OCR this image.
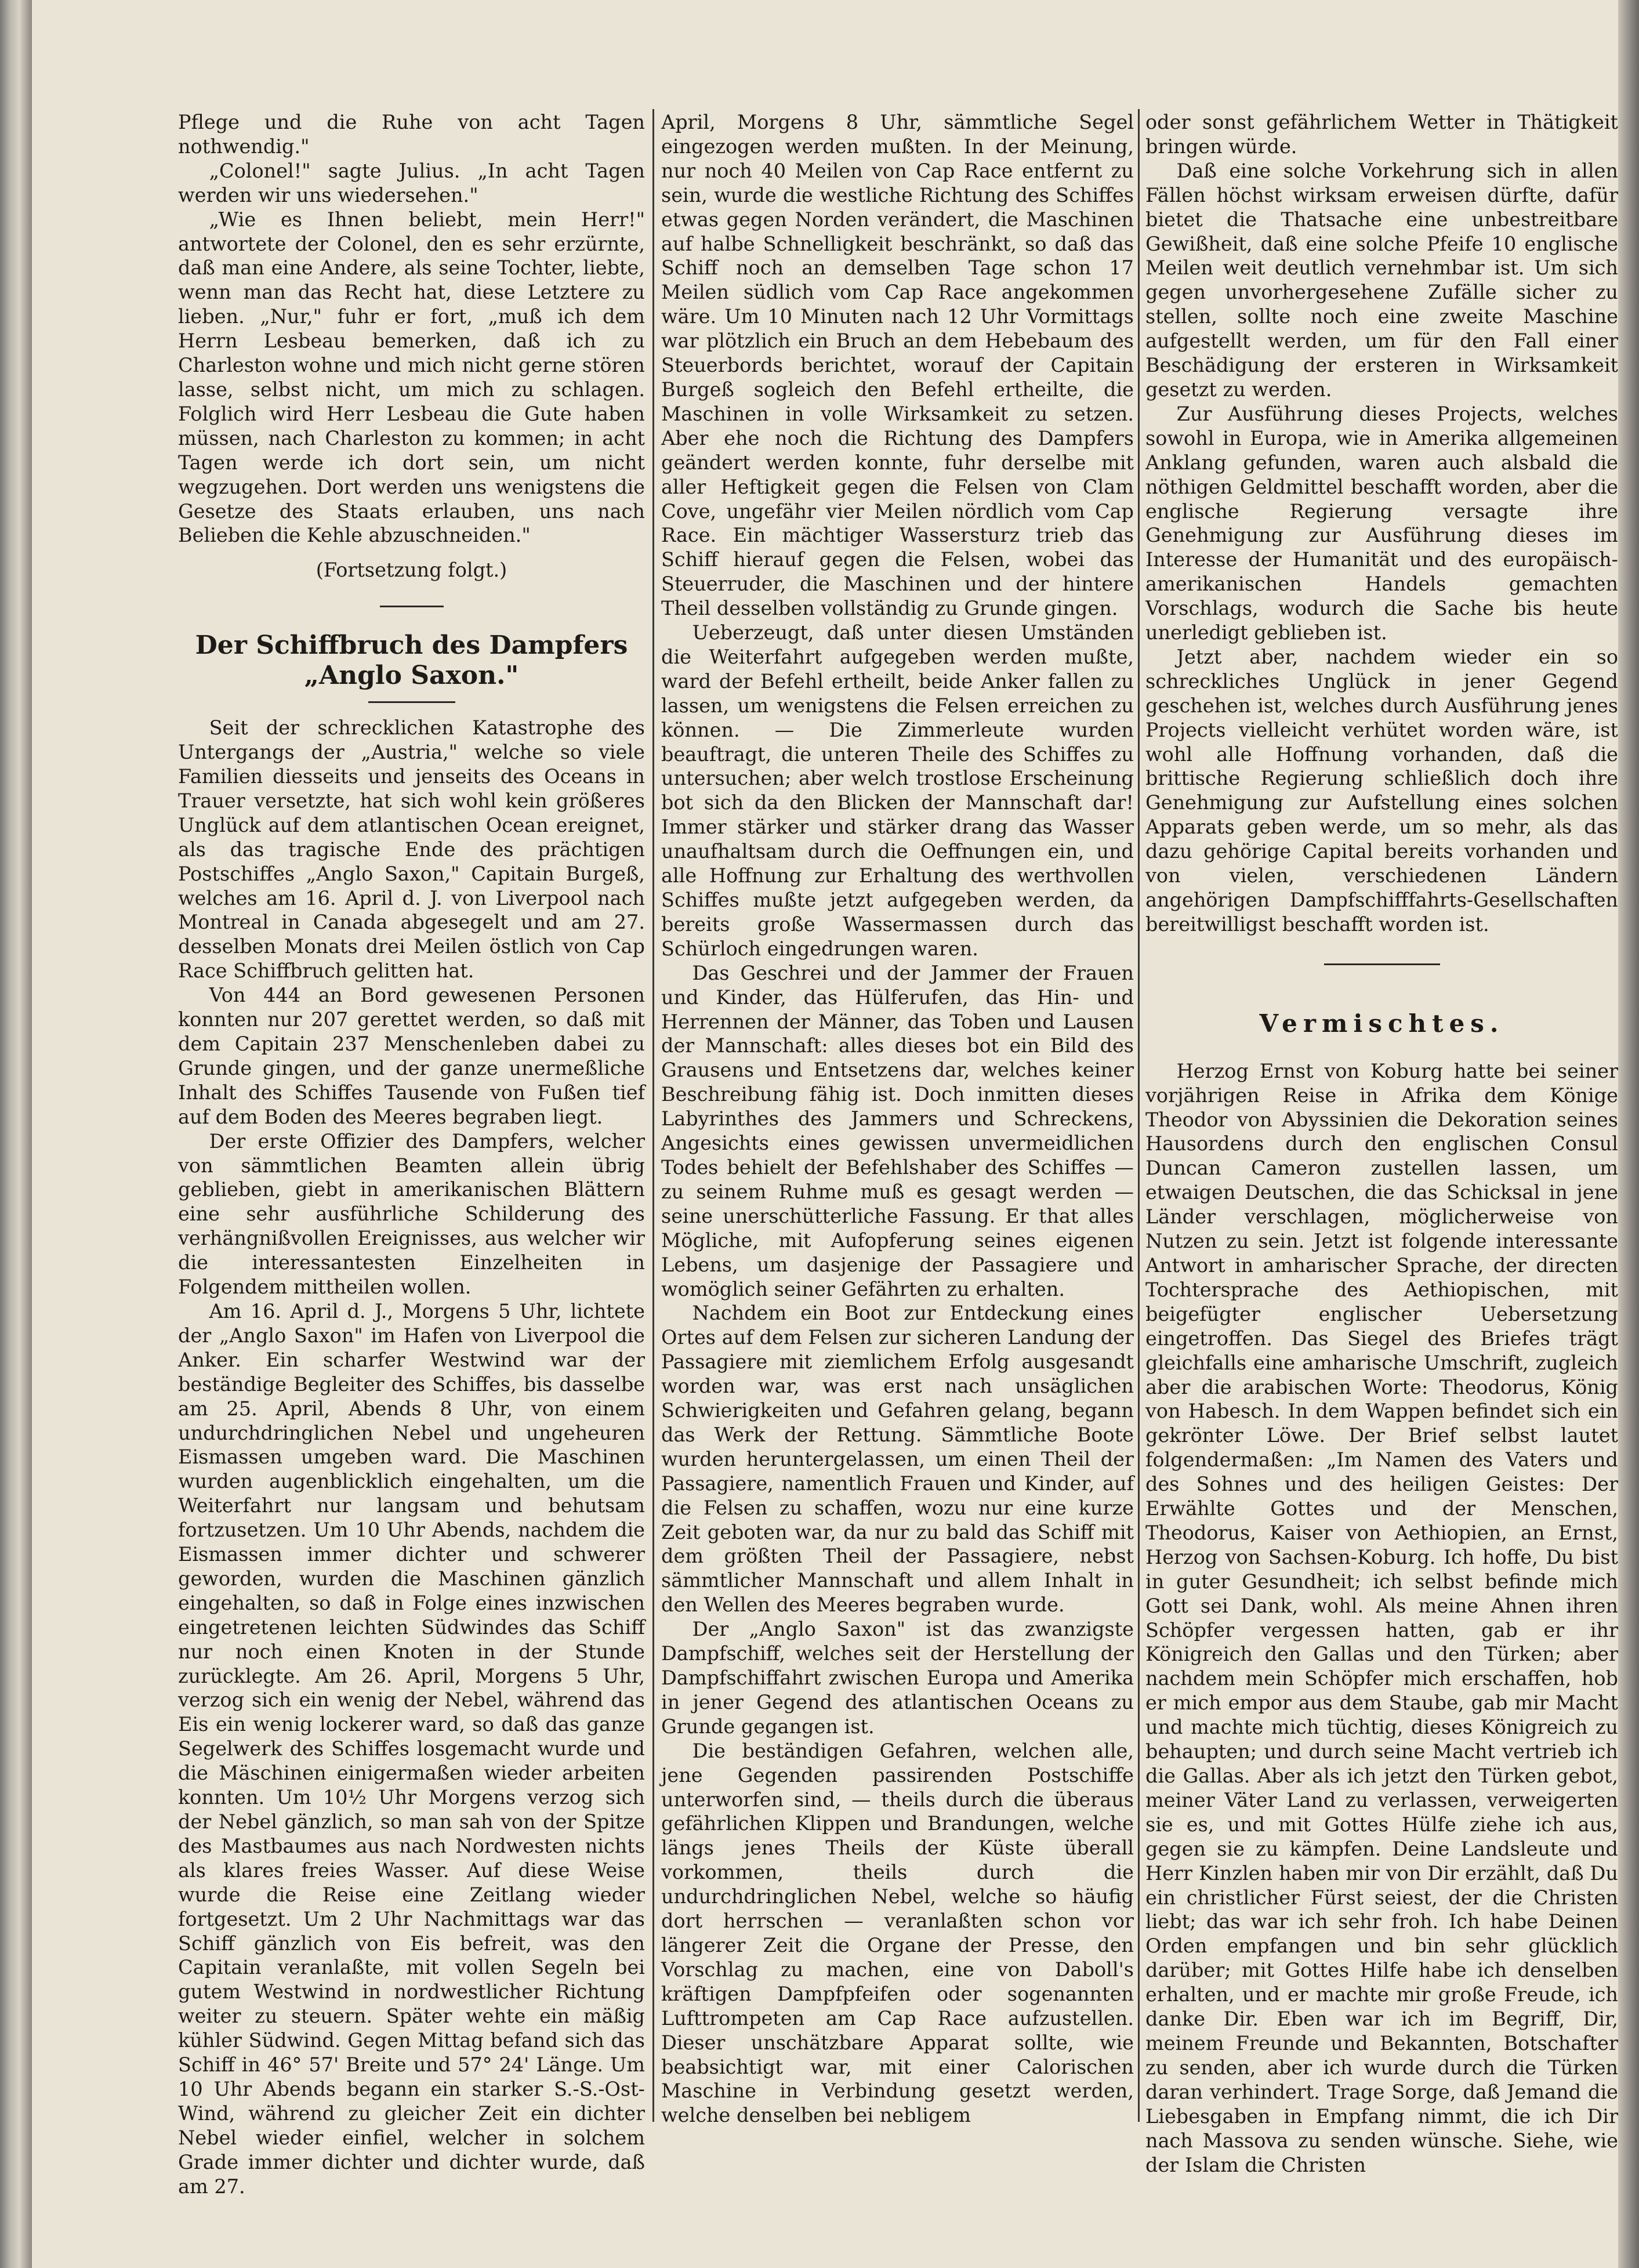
Pflege und die Ruhe von acht Tagen nothwendig."

„Colonel!" sagte Julius. „In acht Tagen werden wir uns wiedersehen."

„Wie es Ihnen beliebt, mein Herr!" antwortete der Colonel, den es sehr erzürnte, daß man eine Andere, als seine Tochter, liebte, wenn man das Recht hat, diese Letztere zu lieben. „Nur," fuhr er fort, „muß ich dem Herrn Lesbeau bemerken, daß ich zu Charleston wohne und mich nicht gerne stören lasse, selbst nicht, um mich zu schlagen. Folglich wird Herr Lesbeau die Gute haben müssen, nach Charleston zu kommen; in acht Tagen werde ich dort sein, um nicht wegzugehen. Dort werden uns wenigstens die Gesetze des Staats erlauben, uns nach Belieben die Kehle abzuschneiden."

(Fortsetzung folgt.)

Der Schiffbruch des Dampfers
„Anglo Saxon."

Seit der schrecklichen Katastrophe des Untergangs der „Austria," welche so viele Familien diesseits und jenseits des Oceans in Trauer versetzte, hat sich wohl kein größeres Unglück auf dem atlantischen Ocean ereignet, als das tragische Ende des prächtigen Postschiffes „Anglo Saxon," Capitain Burgeß, welches am 16. April d. J. von Liverpool nach Montreal in Canada abgesegelt und am 27. desselben Monats drei Meilen östlich von Cap Race Schiffbruch gelitten hat.

Von 444 an Bord gewesenen Personen konnten nur 207 gerettet werden, so daß mit dem Capitain 237 Menschenleben dabei zu Grunde gingen, und der ganze unermeßliche Inhalt des Schiffes Tausende von Fußen tief auf dem Boden des Meeres begraben liegt.

Der erste Offizier des Dampfers, welcher von sämmtlichen Beamten allein übrig geblieben, giebt in amerikanischen Blättern eine sehr ausführliche Schilderung des verhängnißvollen Ereignisses, aus welcher wir die interessantesten Einzelheiten in Folgendem mittheilen wollen.

Am 16. April d. J., Morgens 5 Uhr, lichtete der „Anglo Saxon" im Hafen von Liverpool die Anker. Ein scharfer Westwind war der beständige Begleiter des Schiffes, bis dasselbe am 25. April, Abends 8 Uhr, von einem undurchdringlichen Nebel und ungeheuren Eismassen umgeben ward. Die Maschinen wurden augenblicklich eingehalten, um die Weiterfahrt nur langsam und behutsam fortzusetzen. Um 10 Uhr Abends, nachdem die Eismassen immer dichter und schwerer geworden, wurden die Maschinen gänzlich eingehalten, so daß in Folge eines inzwischen eingetretenen leichten Südwindes das Schiff nur noch einen Knoten in der Stunde zurücklegte. Am 26. April, Morgens 5 Uhr, verzog sich ein wenig der Nebel, während das Eis ein wenig lockerer ward, so daß das ganze Segelwerk des Schiffes losgemacht wurde und die Mäschinen einigermaßen wieder arbeiten konnten. Um 10½ Uhr Morgens verzog sich der Nebel gänzlich, so man sah von der Spitze des Mastbaumes aus nach Nordwesten nichts als klares freies Wasser. Auf diese Weise wurde die Reise eine Zeitlang wieder fortgesetzt. Um 2 Uhr Nachmittags war das Schiff gänzlich von Eis befreit, was den Capitain veranlaßte, mit vollen Segeln bei gutem Westwind in nordwestlicher Richtung weiter zu steuern. Später wehte ein mäßig kühler Südwind. Gegen Mittag befand sich das Schiff in 46° 57' Breite und 57° 24' Länge. Um 10 Uhr Abends begann ein starker S.-S.-Ost-Wind, während zu gleicher Zeit ein dichter Nebel wieder einfiel, welcher in solchem Grade immer dichter und dichter wurde, daß am 27.

April, Morgens 8 Uhr, sämmtliche Segel eingezogen werden mußten. In der Meinung, nur noch 40 Meilen von Cap Race entfernt zu sein, wurde die westliche Richtung des Schiffes etwas gegen Norden verändert, die Maschinen auf halbe Schnelligkeit beschränkt, so daß das Schiff noch an demselben Tage schon 17 Meilen südlich vom Cap Race angekommen wäre. Um 10 Minuten nach 12 Uhr Vormittags war plötzlich ein Bruch an dem Hebebaum des Steuerbords berichtet, worauf der Capitain Burgeß sogleich den Befehl ertheilte, die Maschinen in volle Wirksamkeit zu setzen. Aber ehe noch die Richtung des Dampfers geändert werden konnte, fuhr derselbe mit aller Heftigkeit gegen die Felsen von Clam Cove, ungefähr vier Meilen nördlich vom Cap Race. Ein mächtiger Wassersturz trieb das Schiff hierauf gegen die Felsen, wobei das Steuerruder, die Maschinen und der hintere Theil desselben vollständig zu Grunde gingen.

Ueberzeugt, daß unter diesen Umständen die Weiterfahrt aufgegeben werden mußte, ward der Befehl ertheilt, beide Anker fallen zu lassen, um wenigstens die Felsen erreichen zu können. — Die Zimmerleute wurden beauftragt, die unteren Theile des Schiffes zu untersuchen; aber welch trostlose Erscheinung bot sich da den Blicken der Mannschaft dar! Immer stärker und stärker drang das Wasser unaufhaltsam durch die Oeffnungen ein, und alle Hoffnung zur Erhaltung des werthvollen Schiffes mußte jetzt aufgegeben werden, da bereits große Wassermassen durch das Schürloch eingedrungen waren.

Das Geschrei und der Jammer der Frauen und Kinder, das Hülferufen, das Hin- und Herrennen der Männer, das Toben und Lausen der Mannschaft: alles dieses bot ein Bild des Grausens und Entsetzens dar, welches keiner Beschreibung fähig ist. Doch inmitten dieses Labyrinthes des Jammers und Schreckens, Angesichts eines gewissen unvermeidlichen Todes behielt der Befehlshaber des Schiffes — zu seinem Ruhme muß es gesagt werden — seine unerschütterliche Fassung. Er that alles Mögliche, mit Aufopferung seines eigenen Lebens, um dasjenige der Passagiere und womöglich seiner Gefährten zu erhalten.

Nachdem ein Boot zur Entdeckung eines Ortes auf dem Felsen zur sicheren Landung der Passagiere mit ziemlichem Erfolg ausgesandt worden war, was erst nach unsäglichen Schwierigkeiten und Gefahren gelang, begann das Werk der Rettung. Sämmtliche Boote wurden heruntergelassen, um einen Theil der Passagiere, namentlich Frauen und Kinder, auf die Felsen zu schaffen, wozu nur eine kurze Zeit geboten war, da nur zu bald das Schiff mit dem größten Theil der Passagiere, nebst sämmtlicher Mannschaft und allem Inhalt in den Wellen des Meeres begraben wurde.

Der „Anglo Saxon" ist das zwanzigste Dampfschiff, welches seit der Herstellung der Dampfschiffahrt zwischen Europa und Amerika in jener Gegend des atlantischen Oceans zu Grunde gegangen ist.

Die beständigen Gefahren, welchen alle, jene Gegenden passirenden Postschiffe unterworfen sind, — theils durch die überaus gefährlichen Klippen und Brandungen, welche längs jenes Theils der Küste überall vorkommen, theils durch die undurchdringlichen Nebel, welche so häufig dort herrschen — veranlaßten schon vor längerer Zeit die Organe der Presse, den Vorschlag zu machen, eine von Daboll's kräftigen Dampfpfeifen oder sogenannten Lufttrompeten am Cap Race aufzustellen. Dieser unschätzbare Apparat sollte, wie beabsichtigt war, mit einer Calorischen Maschine in Verbindung gesetzt werden, welche denselben bei nebligem

oder sonst gefährlichem Wetter in Thätigkeit bringen würde.

Daß eine solche Vorkehrung sich in allen Fällen höchst wirksam erweisen dürfte, dafür bietet die Thatsache eine unbestreitbare Gewißheit, daß eine solche Pfeife 10 englische Meilen weit deutlich vernehmbar ist. Um sich gegen unvorhergesehene Zufälle sicher zu stellen, sollte noch eine zweite Maschine aufgestellt werden, um für den Fall einer Beschädigung der ersteren in Wirksamkeit gesetzt zu werden.

Zur Ausführung dieses Projects, welches sowohl in Europa, wie in Amerika allgemeinen Anklang gefunden, waren auch alsbald die nöthigen Geldmittel beschafft worden, aber die englische Regierung versagte ihre Genehmigung zur Ausführung dieses im Interesse der Humanität und des europäisch-amerikanischen Handels gemachten Vorschlags, wodurch die Sache bis heute unerledigt geblieben ist.

Jetzt aber, nachdem wieder ein so schreckliches Unglück in jener Gegend geschehen ist, welches durch Ausführung jenes Projects vielleicht verhütet worden wäre, ist wohl alle Hoffnung vorhanden, daß die brittische Regierung schließlich doch ihre Genehmigung zur Aufstellung eines solchen Apparats geben werde, um so mehr, als das dazu gehörige Capital bereits vorhanden und von vielen, verschiedenen Ländern angehörigen Dampfschifffahrts-Gesellschaften bereitwilligst beschafft worden ist.

Vermischtes.

Herzog Ernst von Koburg hatte bei seiner vorjährigen Reise in Afrika dem Könige Theodor von Abyssinien die Dekoration seines Hausordens durch den englischen Consul Duncan Cameron zustellen lassen, um etwaigen Deutschen, die das Schicksal in jene Länder verschlagen, möglicherweise von Nutzen zu sein. Jetzt ist folgende interessante Antwort in amharischer Sprache, der directen Tochtersprache des Aethiopischen, mit beigefügter englischer Uebersetzung eingetroffen. Das Siegel des Briefes trägt gleichfalls eine amharische Umschrift, zugleich aber die arabischen Worte: Theodorus, König von Habesch. In dem Wappen befindet sich ein gekrönter Löwe. Der Brief selbst lautet folgendermaßen: „Im Namen des Vaters und des Sohnes und des heiligen Geistes: Der Erwählte Gottes und der Menschen, Theodorus, Kaiser von Aethiopien, an Ernst, Herzog von Sachsen-Koburg. Ich hoffe, Du bist in guter Gesundheit; ich selbst befinde mich Gott sei Dank, wohl. Als meine Ahnen ihren Schöpfer vergessen hatten, gab er ihr Königreich den Gallas und den Türken; aber nachdem mein Schöpfer mich erschaffen, hob er mich empor aus dem Staube, gab mir Macht und machte mich tüchtig, dieses Königreich zu behaupten; und durch seine Macht vertrieb ich die Gallas. Aber als ich jetzt den Türken gebot, meiner Väter Land zu verlassen, verweigerten sie es, und mit Gottes Hülfe ziehe ich aus, gegen sie zu kämpfen. Deine Landsleute und Herr Kinzlen haben mir von Dir erzählt, daß Du ein christlicher Fürst seiest, der die Christen liebt; das war ich sehr froh. Ich habe Deinen Orden empfangen und bin sehr glücklich darüber; mit Gottes Hilfe habe ich denselben erhalten, und er machte mir große Freude, ich danke Dir. Eben war ich im Begriff, Dir, meinem Freunde und Bekannten, Botschafter zu senden, aber ich wurde durch die Türken daran verhindert. Trage Sorge, daß Jemand die Liebesgaben in Empfang nimmt, die ich Dir nach Massova zu senden wünsche. Siehe, wie der Islam die Christen
